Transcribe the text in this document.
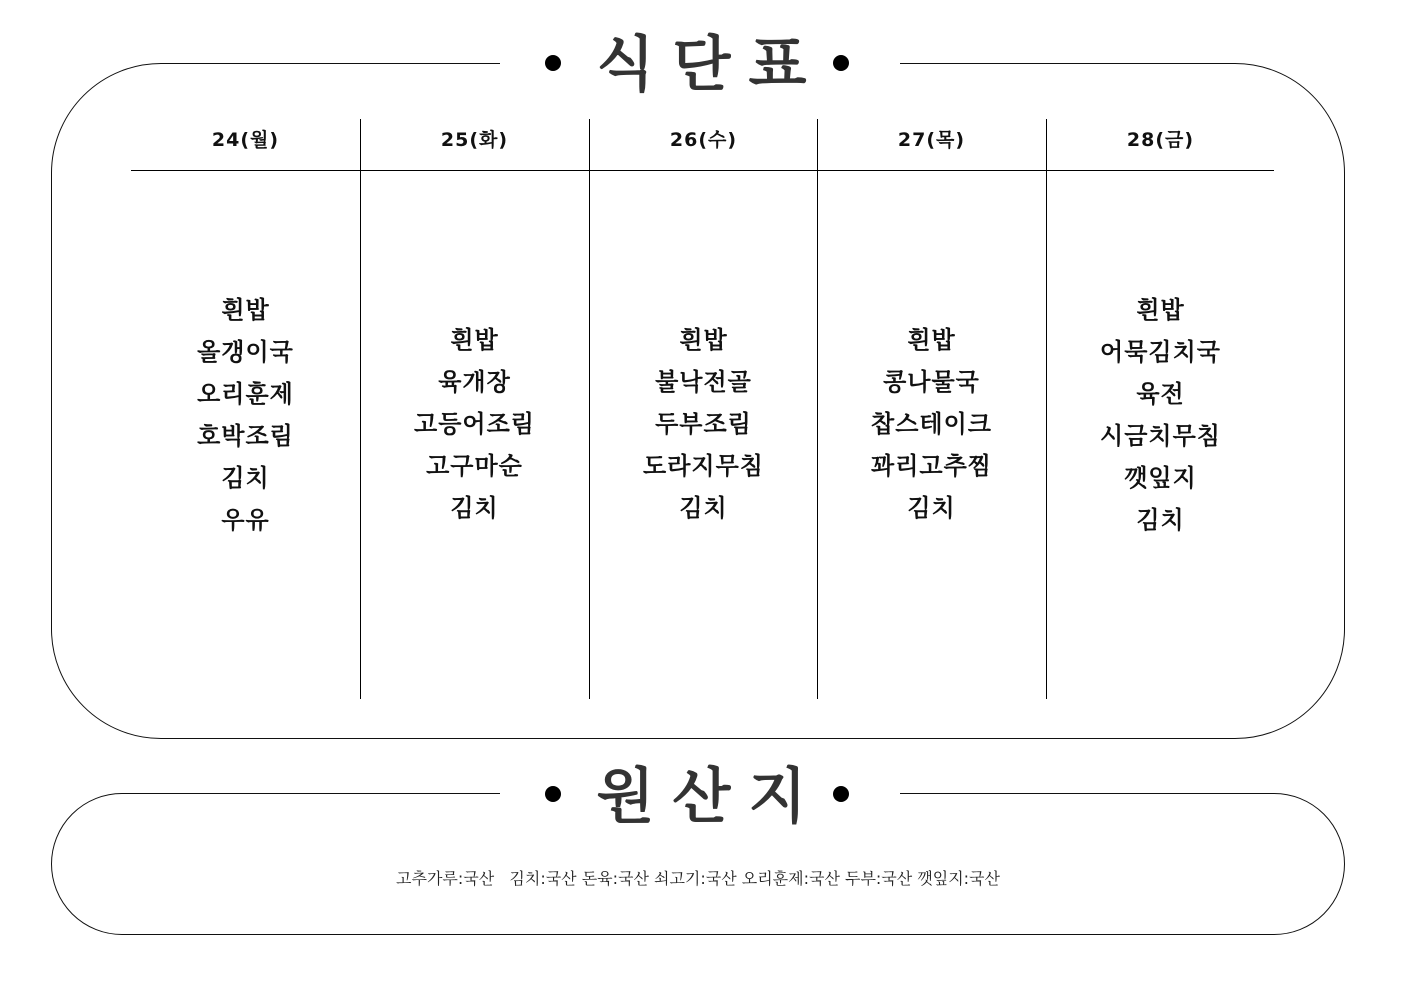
식단표
24(월)
흰밥
올갱이국
오리훈제
호박조림
김치
우유
25(화)
흰밥
육개장
고등어조림
고구마순
김치
26(수)
흰밥
불낙전골
두부조림
도라지무침
김치
27(목)
흰밥
콩나물국
찹스테이크
꽈리고추찜
김치
28(금)
흰밥
어묵김치국
육전
시금치무침
깻잎지
김치
원산지
고추가루:국산   김치:국산 돈육:국산 쇠고기:국산 오리훈제:국산 두부:국산 깻잎지:국산
